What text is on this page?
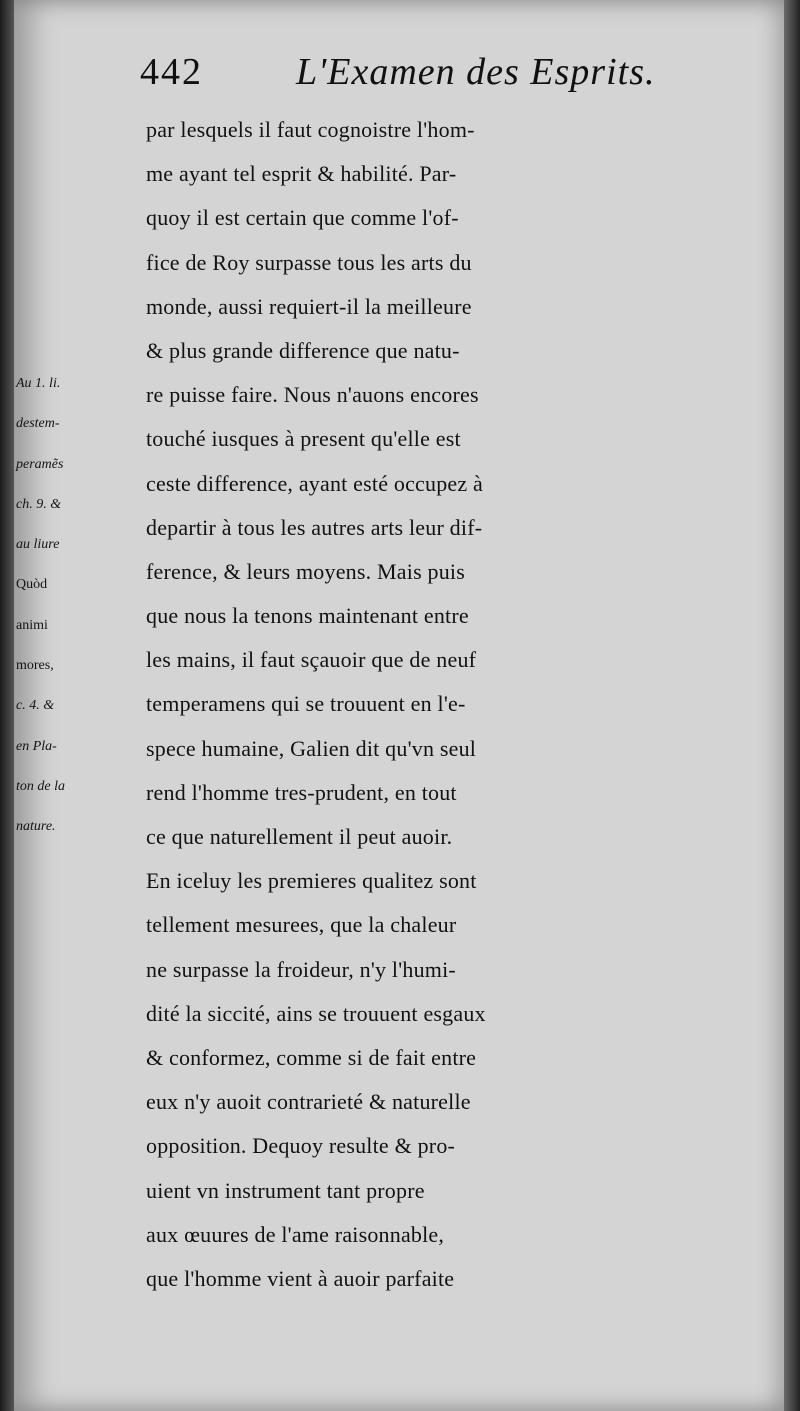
442 L'Examen des Esprits.
Au 1. li.
destem-
peramẽs
ch. 9. &
au liure
Quòd
animi
mores,
c. 4. &
en Pla-
ton de la
nature.
par lesquels il faut cognoistre l'hom-
me ayant tel esprit & habilité. Par-
quoy il est certain que comme l'of-
fice de Roy surpasse tous les arts du
monde, aussi requiert-il la meilleure
& plus grande difference que natu-
re puisse faire. Nous n'auons encores
touché iusques à present qu'elle est
ceste difference, ayant esté occupez à
departir à tous les autres arts leur dif-
ference, & leurs moyens. Mais puis
que nous la tenons maintenant entre
les mains, il faut sçauoir que de neuf
temperamens qui se trouuent en l'e-
spece humaine, Galien dit qu'vn seul
rend l'homme tres-prudent, en tout
ce que naturellement il peut auoir.
En iceluy les premieres qualitez sont
tellement mesurees, que la chaleur
ne surpasse la froideur, n'y l'humi-
dité la siccité, ains se trouuent esgaux
& conformez, comme si de fait entre
eux n'y auoit contrarieté & naturelle
opposition. Dequoy resulte & pro-
uient vn instrument tant propre
aux œuures de l'ame raisonnable,
que l'homme vient à auoir parfaite
